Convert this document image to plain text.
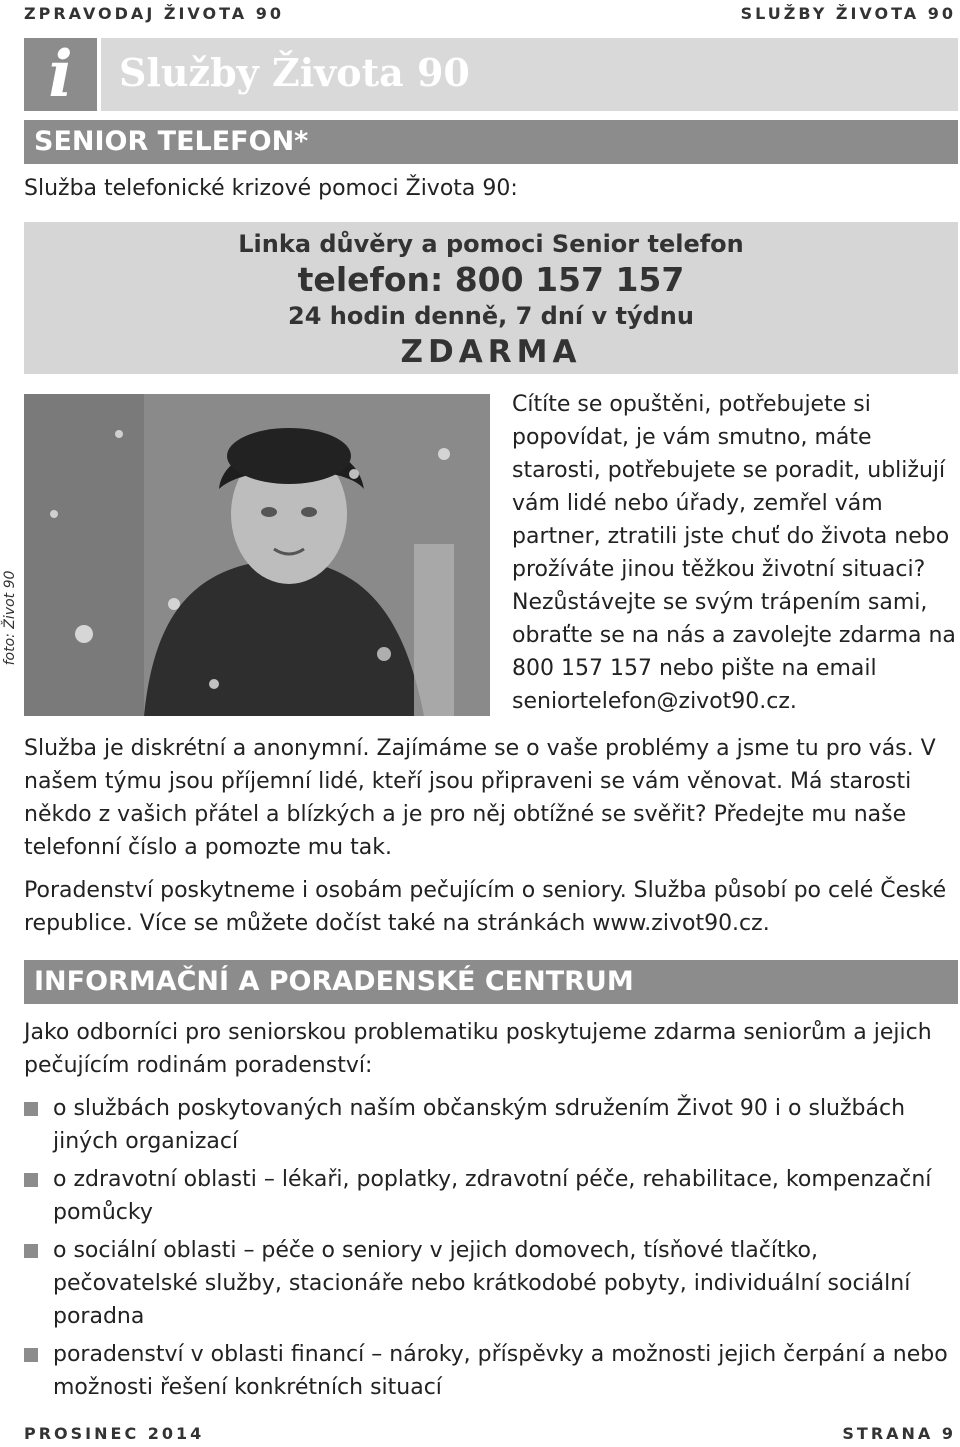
ZPRAVODAJ ŽIVOTA 90	SLUŽBY ŽIVOTA 90
i	Služby Života 90
SENIOR TELEFON*
Služba telefonické krizové pomoci Života 90:
Linka důvěry a pomoci Senior telefon
telefon: 800 157 157
24 hodin denně, 7 dní v týdnu
ZDARMA
foto: Život 90

Cítíte se opuštěni, potřebujete si popovídat, je vám smutno, máte starosti, potřebujete se poradit, ubližují vám lidé nebo úřady, zemřel vám partner, ztratili jste chuť do života nebo prožíváte jinou těžkou životní situaci? Nezůstávejte se svým trápením sami, obraťte se na nás a zavolejte zdarma na 800 157 157 nebo pište na email seniortelefon@zivot90.cz.

Služba je diskrétní a anonymní. Zajímáme se o vaše problémy a jsme tu pro vás. V našem týmu jsou příjemní lidé, kteří jsou připraveni se vám věnovat. Má starosti někdo z vašich přátel a blízkých a je pro něj obtížné se svěřit? Předejte mu naše telefonní číslo a pomozte mu tak.

Poradenství poskytneme i osobám pečujícím o seniory. Služba působí po celé České republice. Více se můžete dočíst také na stránkách www.zivot90.cz.

INFORMAČNÍ A PORADENSKÉ CENTRUM

Jako odborníci pro seniorskou problematiku poskytujeme zdarma seniorům a jejich pečujícím rodinám poradenství:

o službách poskytovaných naším občanským sdružením Život 90 i o službách jiných organizací
o zdravotní oblasti – lékaři, poplatky, zdravotní péče, rehabilitace, kompenzační pomůcky
o sociální oblasti – péče o seniory v jejich domovech, tísňové tlačítko, pečovatelské služby, stacionáře nebo krátkodobé pobyty, individuální sociální poradna
poradenství v oblasti financí – nároky, příspěvky a možnosti jejich čerpání a nebo možnosti řešení konkrétních situací
PROSINEC 2014	STRANA 9
